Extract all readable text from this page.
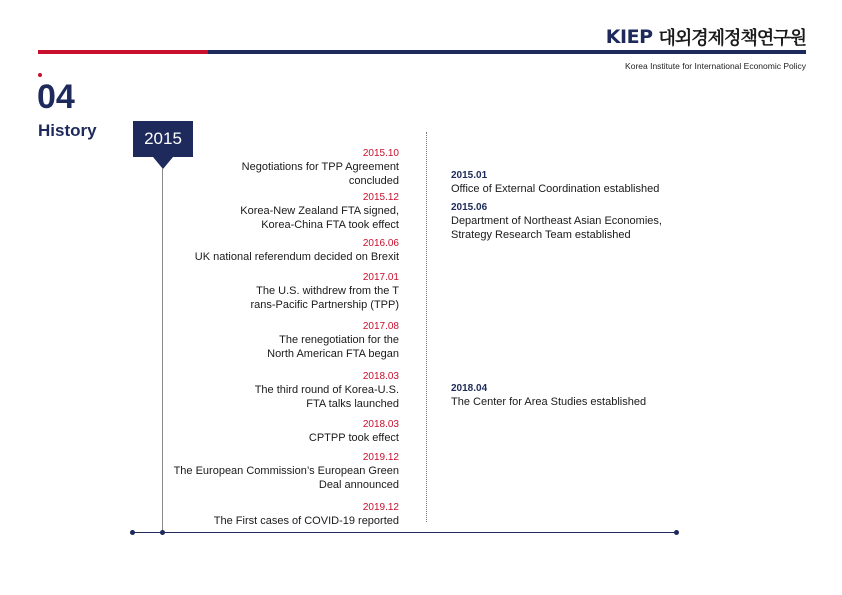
KIEP 대외경제정책연구원
Korea Institute for International Economic Policy
04
History	2015
2015.10
Negotiations for TPP Agreement
concluded
2015.12
Korea-New Zealand FTA signed,
Korea-China FTA took effect
2016.06
UK national referendum decided on Brexit
2017.01
The U.S. withdrew from the T
rans-Pacific Partnership (TPP)
2017.08
The renegotiation for the
North American FTA began
2018.03
The third round of Korea-U.S.
FTA talks launched
2018.03
CPTPP took effect
2019.12
The European Commission’s European Green
Deal announced
2019.12
The First cases of COVID-19 reported
2015.01
Office of External Coordination established
2015.06
Department of Northeast Asian Economies,
Strategy Research Team established
2018.04
The Center for Area Studies established
